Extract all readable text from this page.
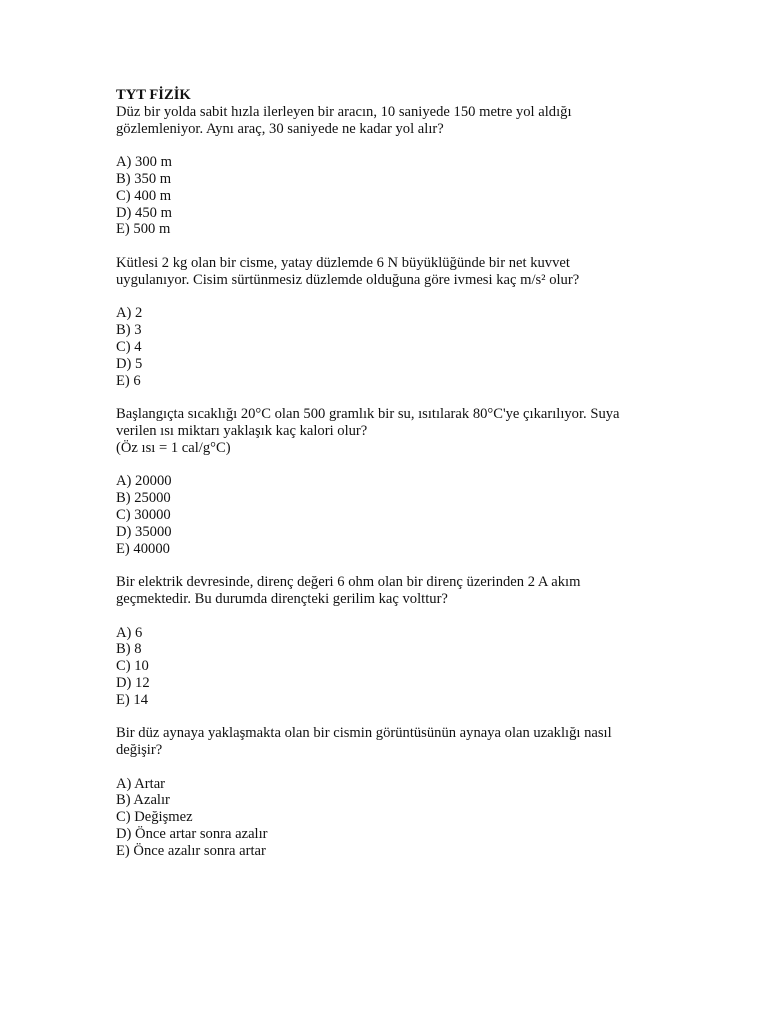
TYT FİZİK

Düz bir yolda sabit hızla ilerleyen bir aracın, 10 saniyede 150 metre yol aldığı
gözlemleniyor. Aynı araç, 30 saniyede ne kadar yol alır?

A) 300 m
B) 350 m
C) 400 m
D) 450 m
E) 500 m

Kütlesi 2 kg olan bir cisme, yatay düzlemde 6 N büyüklüğünde bir net kuvvet
uygulanıyor. Cisim sürtünmesiz düzlemde olduğuna göre ivmesi kaç m/s² olur?

A) 2
B) 3
C) 4
D) 5
E) 6

Başlangıçta sıcaklığı 20°C olan 500 gramlık bir su, ısıtılarak 80°C'ye çıkarılıyor. Suya
verilen ısı miktarı yaklaşık kaç kalori olur?
(Öz ısı = 1 cal/g°C)

A) 20000
B) 25000
C) 30000
D) 35000
E) 40000

Bir elektrik devresinde, direnç değeri 6 ohm olan bir direnç üzerinden 2 A akım
geçmektedir. Bu durumda dirençteki gerilim kaç volttur?

A) 6
B) 8
C) 10
D) 12
E) 14

Bir düz aynaya yaklaşmakta olan bir cismin görüntüsünün aynaya olan uzaklığı nasıl
değişir?

A) Artar
B) Azalır
C) Değişmez
D) Önce artar sonra azalır
E) Önce azalır sonra artar
